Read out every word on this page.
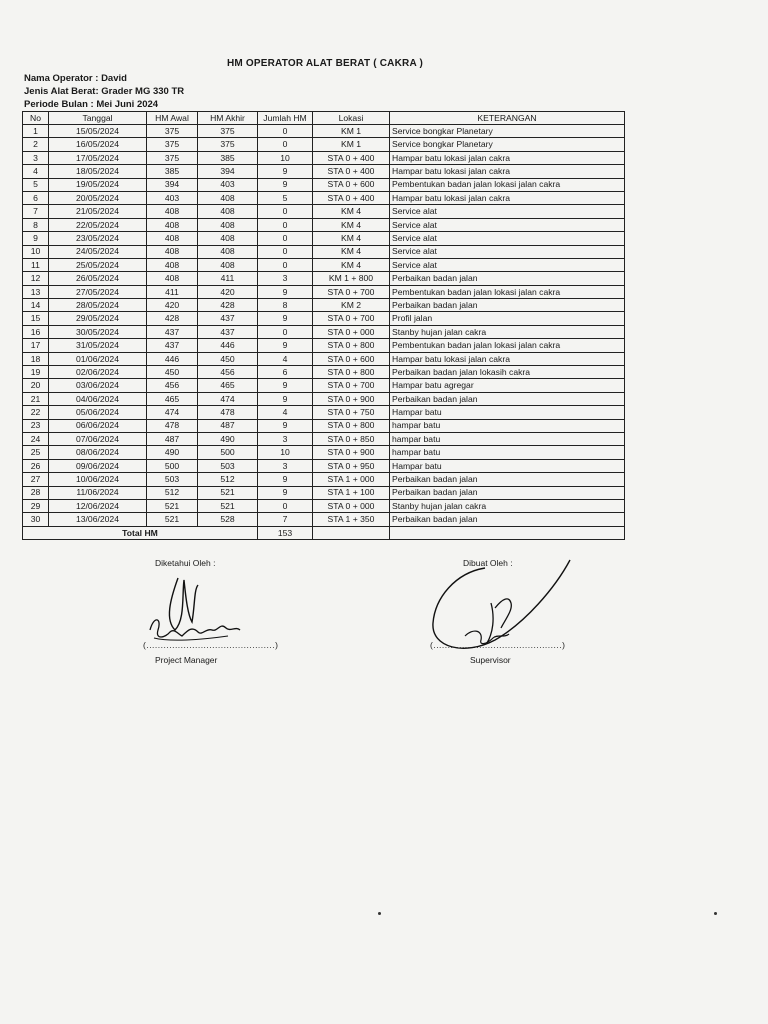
HM OPERATOR ALAT BERAT ( CAKRA )
Nama Operator : David
Jenis Alat Berat: Grader MG 330 TR
Periode Bulan : Mei Juni 2024
No	Tanggal	HM Awal	HM Akhir	Jumlah HM	Lokasi	KETERANGAN
1	15/05/2024	375	375	0	KM 1	Service bongkar Planetary
2	16/05/2024	375	375	0	KM 1	Service bongkar Planetary
3	17/05/2024	375	385	10	STA 0 + 400	Hampar batu lokasi jalan cakra
4	18/05/2024	385	394	9	STA 0 + 400	Hampar batu lokasi jalan cakra
5	19/05/2024	394	403	9	STA 0 + 600	Pembentukan badan jalan lokasi jalan cakra
6	20/05/2024	403	408	5	STA 0 + 400	Hampar batu lokasi jalan cakra
7	21/05/2024	408	408	0	KM 4	Service alat
8	22/05/2024	408	408	0	KM 4	Service alat
9	23/05/2024	408	408	0	KM 4	Service alat
10	24/05/2024	408	408	0	KM 4	Service alat
11	25/05/2024	408	408	0	KM 4	Service alat
12	26/05/2024	408	411	3	KM 1 + 800	Perbaikan badan jalan
13	27/05/2024	411	420	9	STA 0 + 700	Pembentukan badan jalan lokasi jalan cakra
14	28/05/2024	420	428	8	KM 2	Perbaikan badan jalan
15	29/05/2024	428	437	9	STA 0 + 700	Profil jalan
16	30/05/2024	437	437	0	STA 0 + 000	Stanby hujan jalan cakra
17	31/05/2024	437	446	9	STA 0 + 800	Pembentukan badan jalan lokasi jalan cakra
18	01/06/2024	446	450	4	STA 0 + 600	Hampar batu lokasi jalan cakra
19	02/06/2024	450	456	6	STA 0 + 800	Perbaikan badan jalan lokasih cakra
20	03/06/2024	456	465	9	STA 0 + 700	Hampar batu agregar
21	04/06/2024	465	474	9	STA 0 + 900	Perbaikan badan jalan
22	05/06/2024	474	478	4	STA 0 + 750	Hampar batu
23	06/06/2024	478	487	9	STA 0 + 800	hampar batu
24	07/06/2024	487	490	3	STA 0 + 850	hampar batu
25	08/06/2024	490	500	10	STA 0 + 900	hampar batu
26	09/06/2024	500	503	3	STA 0 + 950	Hampar batu
27	10/06/2024	503	512	9	STA 1 + 000	Perbaikan badan jalan
28	11/06/2024	512	521	9	STA 1 + 100	Perbaikan badan jalan
29	12/06/2024	521	521	0	STA 0 + 000	Stanby hujan jalan cakra
30	13/06/2024	521	528	7	STA 1 + 350	Perbaikan badan jalan
Total HM				153		
Diketahui Oleh :
(.............................................)
Project Manager
Dibuat Oleh :
(.............................................)
Supervisor
